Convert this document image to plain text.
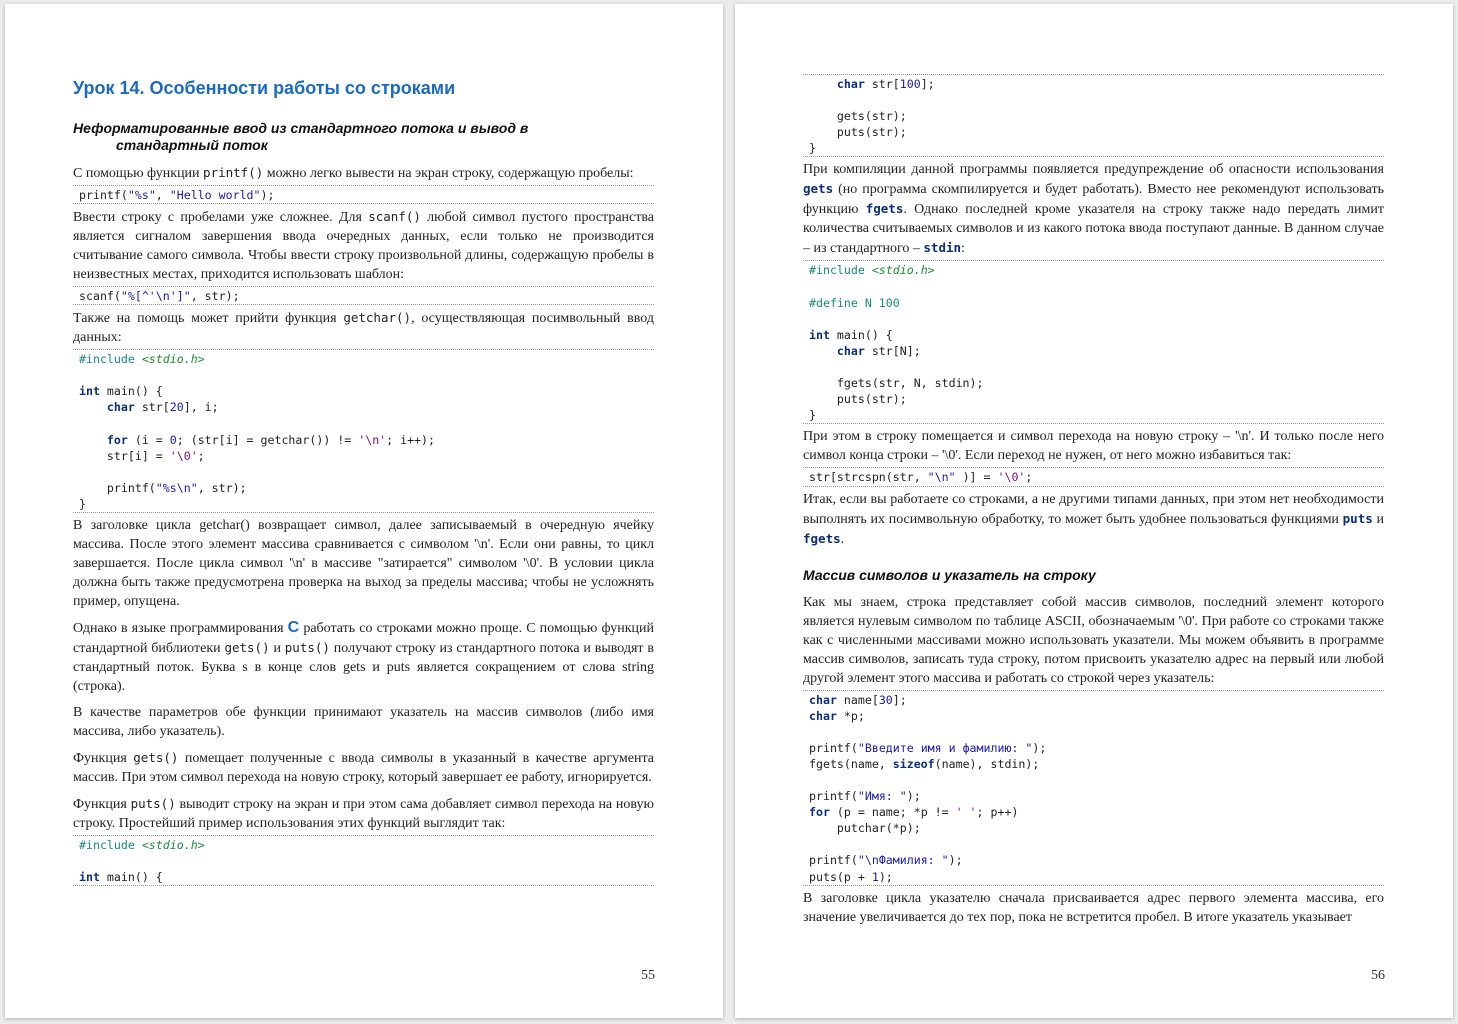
Урок 14. Особенности работы со строками
Неформатированные ввод из стандартного потока и вывод в
стандартный поток

С помощью функции printf() можно легко вывести на экран строку, содержащую пробелы:

printf("%s", "Hello world");

Ввести строку с пробелами уже сложнее. Для scanf() любой символ пустого пространства является сигналом завершения ввода очередных данных, если только не производится считывание самого символа. Чтобы ввести строку произвольной длины, содержащую пробелы в неизвестных местах, приходится использовать шаблон:

scanf("%[^'\n']", str);

Также на помощь может прийти функция getchar(), осуществляющая посимвольный ввод данных:

#include <stdio.h>

int main() {
char str[20], i;

for (i = 0; (str[i] = getchar()) != '\n'; i++);
str[i] = '\0';

printf("%s\n", str);
}

В заголовке цикла getchar() возвращает символ, далее записываемый в очередную ячейку массива. После этого элемент массива сравнивается с символом '\n'. Если они равны, то цикл завершается. После цикла символ '\n' в массиве "затирается" символом '\0'. В условии цикла должна быть также предусмотрена проверка на выход за пределы массива; чтобы не усложнять пример, опущена.

Однако в языке программирования C работать со строками можно проще. С помощью функций стандартной библиотеки gets() и puts() получают строку из стандартного потока и выводят в стандартный поток. Буква s в конце слов gets и puts является сокращением от слова string (строка).

В качестве параметров обе функции принимают указатель на массив символов (либо имя массива, либо указатель).

Функция gets() помещает полученные с ввода символы в указанный в качестве аргумента массив. При этом символ перехода на новую строку, который завершает ее работу, игнорируется.

Функция puts() выводит строку на экран и при этом сама добавляет символ перехода на новую строку. Простейший пример использования этих функций выглядит так:

#include <stdio.h>

int main() {
55
char str[100];

gets(str);
puts(str);
}

При компиляции данной программы появляется предупреждение об опасности использования gets (но программа скомпилируется и будет работать). Вместо нее рекомендуют использовать функцию fgets. Однако последней кроме указателя на строку также надо передать лимит количества считываемых символов и из какого потока ввода поступают данные. В данном случае – из стандартного – stdin:

#include <stdio.h>

#define N 100

int main() {
char str[N];

fgets(str, N, stdin);
puts(str);
}

При этом в строку помещается и символ перехода на новую строку – '\n'. И только после него символ конца строки – '\0'. Если переход не нужен, от него можно избавиться так:

str[strcspn(str, "\n" )] = '\0';

Итак, если вы работаете со строками, а не другими типами данных, при этом нет необходимости выполнять их посимвольную обработку, то может быть удобнее пользоваться функциями puts и fgets.

Массив символов и указатель на строку

Как мы знаем, строка представляет собой массив символов, последний элемент которого является нулевым символом по таблице ASCII, обозначаемым '\0'. При работе со строками также как с численными массивами можно использовать указатели. Мы можем объявить в программе массив символов, записать туда строку, потом присвоить указателю адрес на первый или любой другой элемент этого массива и работать со строкой через указатель:

char name[30];
char *p;

printf("Введите имя и фамилию: ");
fgets(name, sizeof(name), stdin);

printf("Имя: ");
for (p = name; *p != ' '; p++)
putchar(*p);

printf("\nФамилия: ");
puts(p + 1);

В заголовке цикла указателю сначала присваивается адрес первого элемента массива, его значение увеличивается до тех пор, пока не встретится пробел. В итоге указатель указывает

56
